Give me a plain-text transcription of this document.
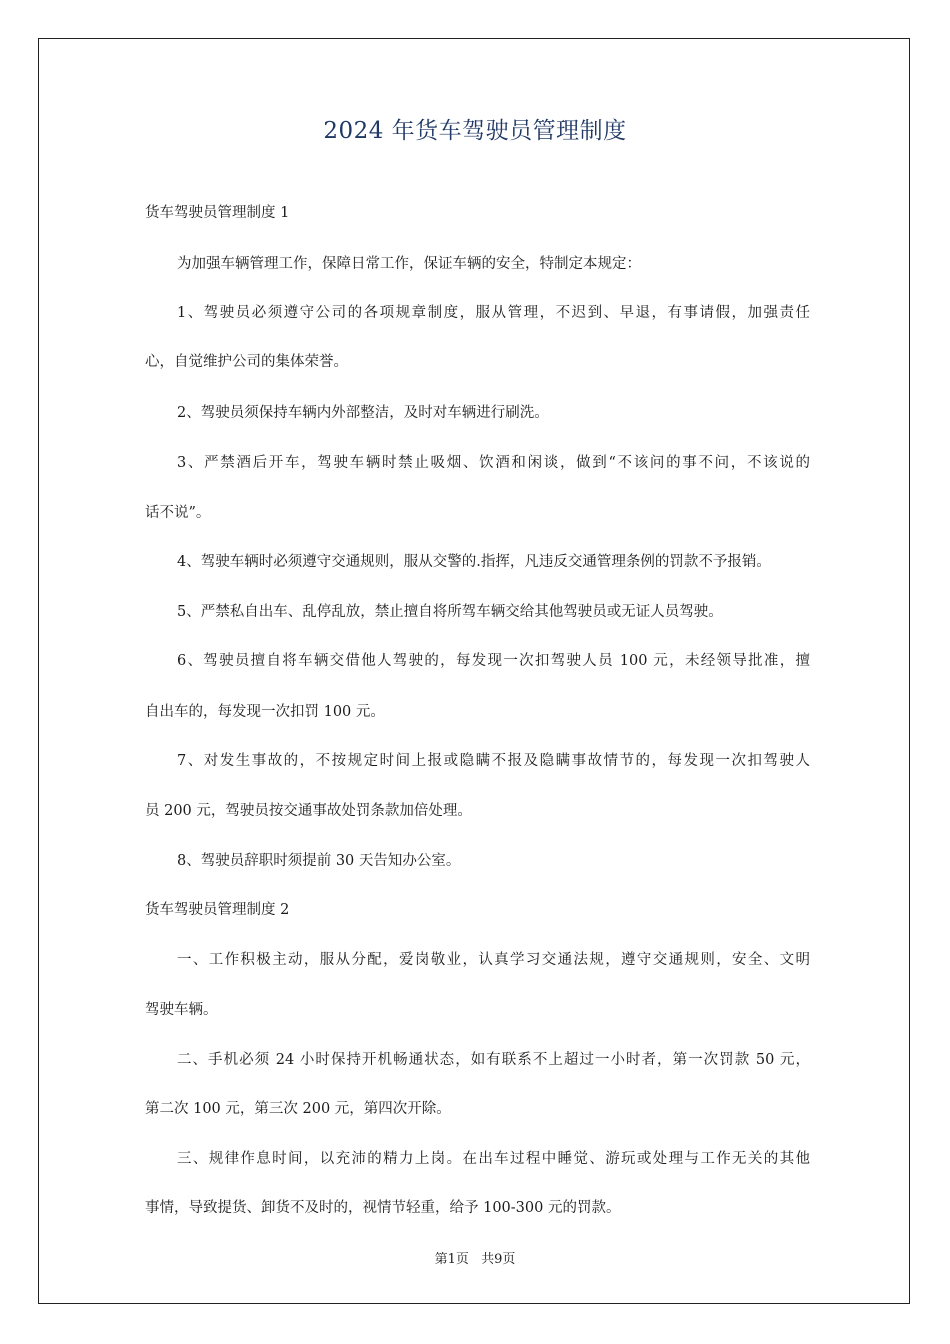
2024 年货车驾驶员管理制度
货车驾驶员管理制度 1
为加强车辆管理工作，保障日常工作，保证车辆的安全，特制定本规定：
1、驾驶员必须遵守公司的各项规章制度，服从管理，不迟到、早退，有事请假，加强责任
心，自觉维护公司的集体荣誉。
2、驾驶员须保持车辆内外部整洁，及时对车辆进行刷洗。
3、严禁酒后开车，驾驶车辆时禁止吸烟、饮酒和闲谈，做到“不该问的事不问，不该说的
话不说”。
4、驾驶车辆时必须遵守交通规则，服从交警的.指挥，凡违反交通管理条例的罚款不予报销。
5、严禁私自出车、乱停乱放，禁止擅自将所驾车辆交给其他驾驶员或无证人员驾驶。
6、驾驶员擅自将车辆交借他人驾驶的，每发现一次扣驾驶人员 100 元，未经领导批准，擅
自出车的，每发现一次扣罚 100 元。
7、对发生事故的，不按规定时间上报或隐瞒不报及隐瞒事故情节的，每发现一次扣驾驶人
员 200 元，驾驶员按交通事故处罚条款加倍处理。
8、驾驶员辞职时须提前 30 天告知办公室。
货车驾驶员管理制度 2
一、工作积极主动，服从分配，爱岗敬业，认真学习交通法规，遵守交通规则，安全、文明
驾驶车辆。
二、手机必须 24 小时保持开机畅通状态，如有联系不上超过一小时者，第一次罚款 50 元，
第二次 100 元，第三次 200 元，第四次开除。
三、规律作息时间，以充沛的精力上岗。在出车过程中睡觉、游玩或处理与工作无关的其他
事情，导致提货、卸货不及时的，视情节轻重，给予 100-300 元的罚款。
第1页 共9页
